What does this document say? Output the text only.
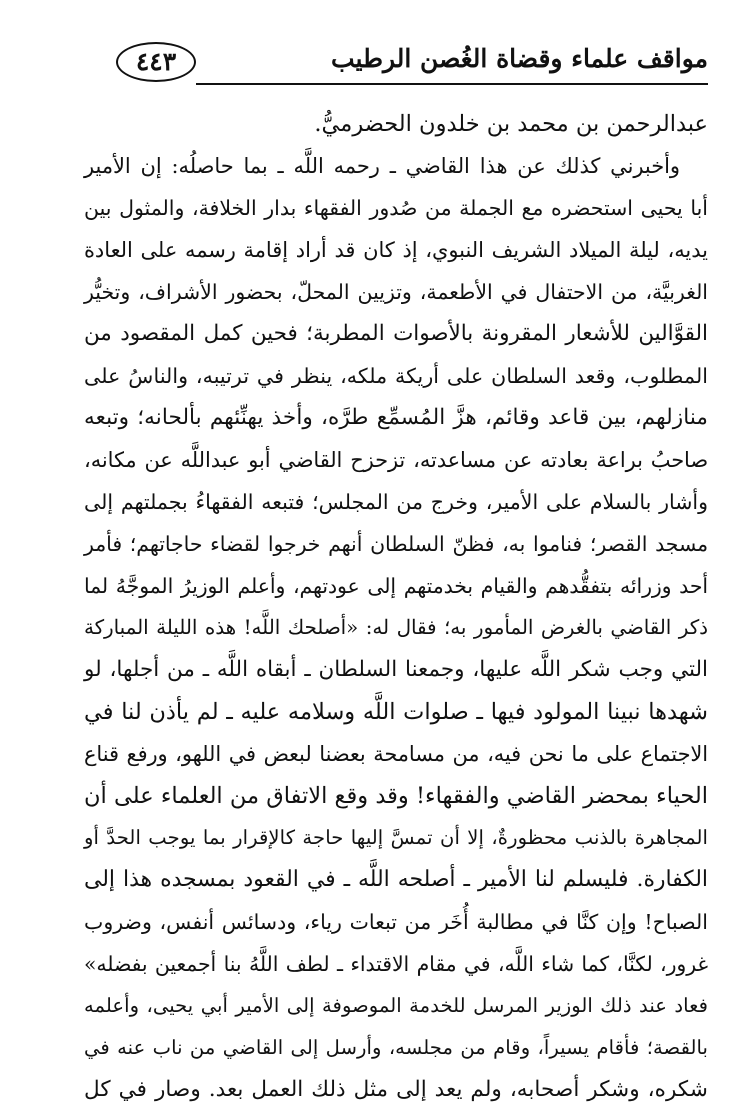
مواقف علماء وقضاة الغُصن الرطيب
٤٤٣
عبدالرحمن بن محمد بن خلدون الحضرميُّ.
وأخبرني كذلك عن هذا القاضي ـ رحمه اللَّه ـ بما حاصلُه: إن الأمير
أبا يحيى استحضره مع الجملة من صُدور الفقهاء بدار الخلافة، والمثول بين
يديه، ليلة الميلاد الشريف النبوي، إذ كان قد أراد إقامة رسمه على العادة
الغربيَّة، من الاحتفال في الأطعمة، وتزيين المحلّ، بحضور الأشراف، وتخيُّر
القوَّالين للأشعار المقرونة بالأصوات المطربة؛ فحين كمل المقصود من
المطلوب، وقعد السلطان على أريكة ملكه، ينظر في ترتيبه، والناسُ على
منازلهم، بين قاعد وقائم، هزَّ المُسمِّع طرَّه، وأخذ يهنِّئهم بألحانه؛ وتبعه
صاحبُ براعة بعادته عن مساعدته، تزحزح القاضي أبو عبداللَّه عن مكانه،
وأشار بالسلام على الأمير، وخرج من المجلس؛ فتبعه الفقهاءُ بجملتهم إلى
مسجد القصر؛ فناموا به، فظنّ السلطان أنهم خرجوا لقضاء حاجاتهم؛ فأمر
أحد وزرائه بتفقُّدهم والقيام بخدمتهم إلى عودتهم، وأعلم الوزيرُ الموجَّهُ لما
ذكر القاضي بالغرض المأمور به؛ فقال له: «أصلحك اللَّه! هذه الليلة المباركة
التي وجب شكر اللَّه عليها، وجمعنا السلطان ـ أبقاه اللَّه ـ من أجلها، لو
شهدها نبينا المولود فيها ـ صلوات اللَّه وسلامه عليه ـ لم يأذن لنا في
الاجتماع على ما نحن فيه، من مسامحة بعضنا لبعض في اللهو، ورفع قناع
الحياء بمحضر القاضي والفقهاء! وقد وقع الاتفاق من العلماء على أن
المجاهرة بالذنب محظورةٌ، إلا أن تمسَّ إليها حاجة كالإقرار بما يوجب الحدَّ أو
الكفارة. فليسلم لنا الأمير ـ أصلحه اللَّه ـ في القعود بمسجده هذا إلى
الصباح! وإن كنَّا في مطالبة أُخَر من تبعات رياء، ودسائس أنفس، وضروب
غرور، لكنَّا، كما شاء اللَّه، في مقام الاقتداء ـ لطف اللَّهُ بنا أجمعين بفضله»
فعاد عند ذلك الوزير المرسل للخدمة الموصوفة إلى الأمير أبي يحيى، وأعلمه
بالقصة؛ فأقام يسيراً، وقام من مجلسه، وأرسل إلى القاضي من ناب عنه في
شكره، وشكر أصحابه، ولم يعد إلى مثل ذلك العمل بعد. وصار في كل
